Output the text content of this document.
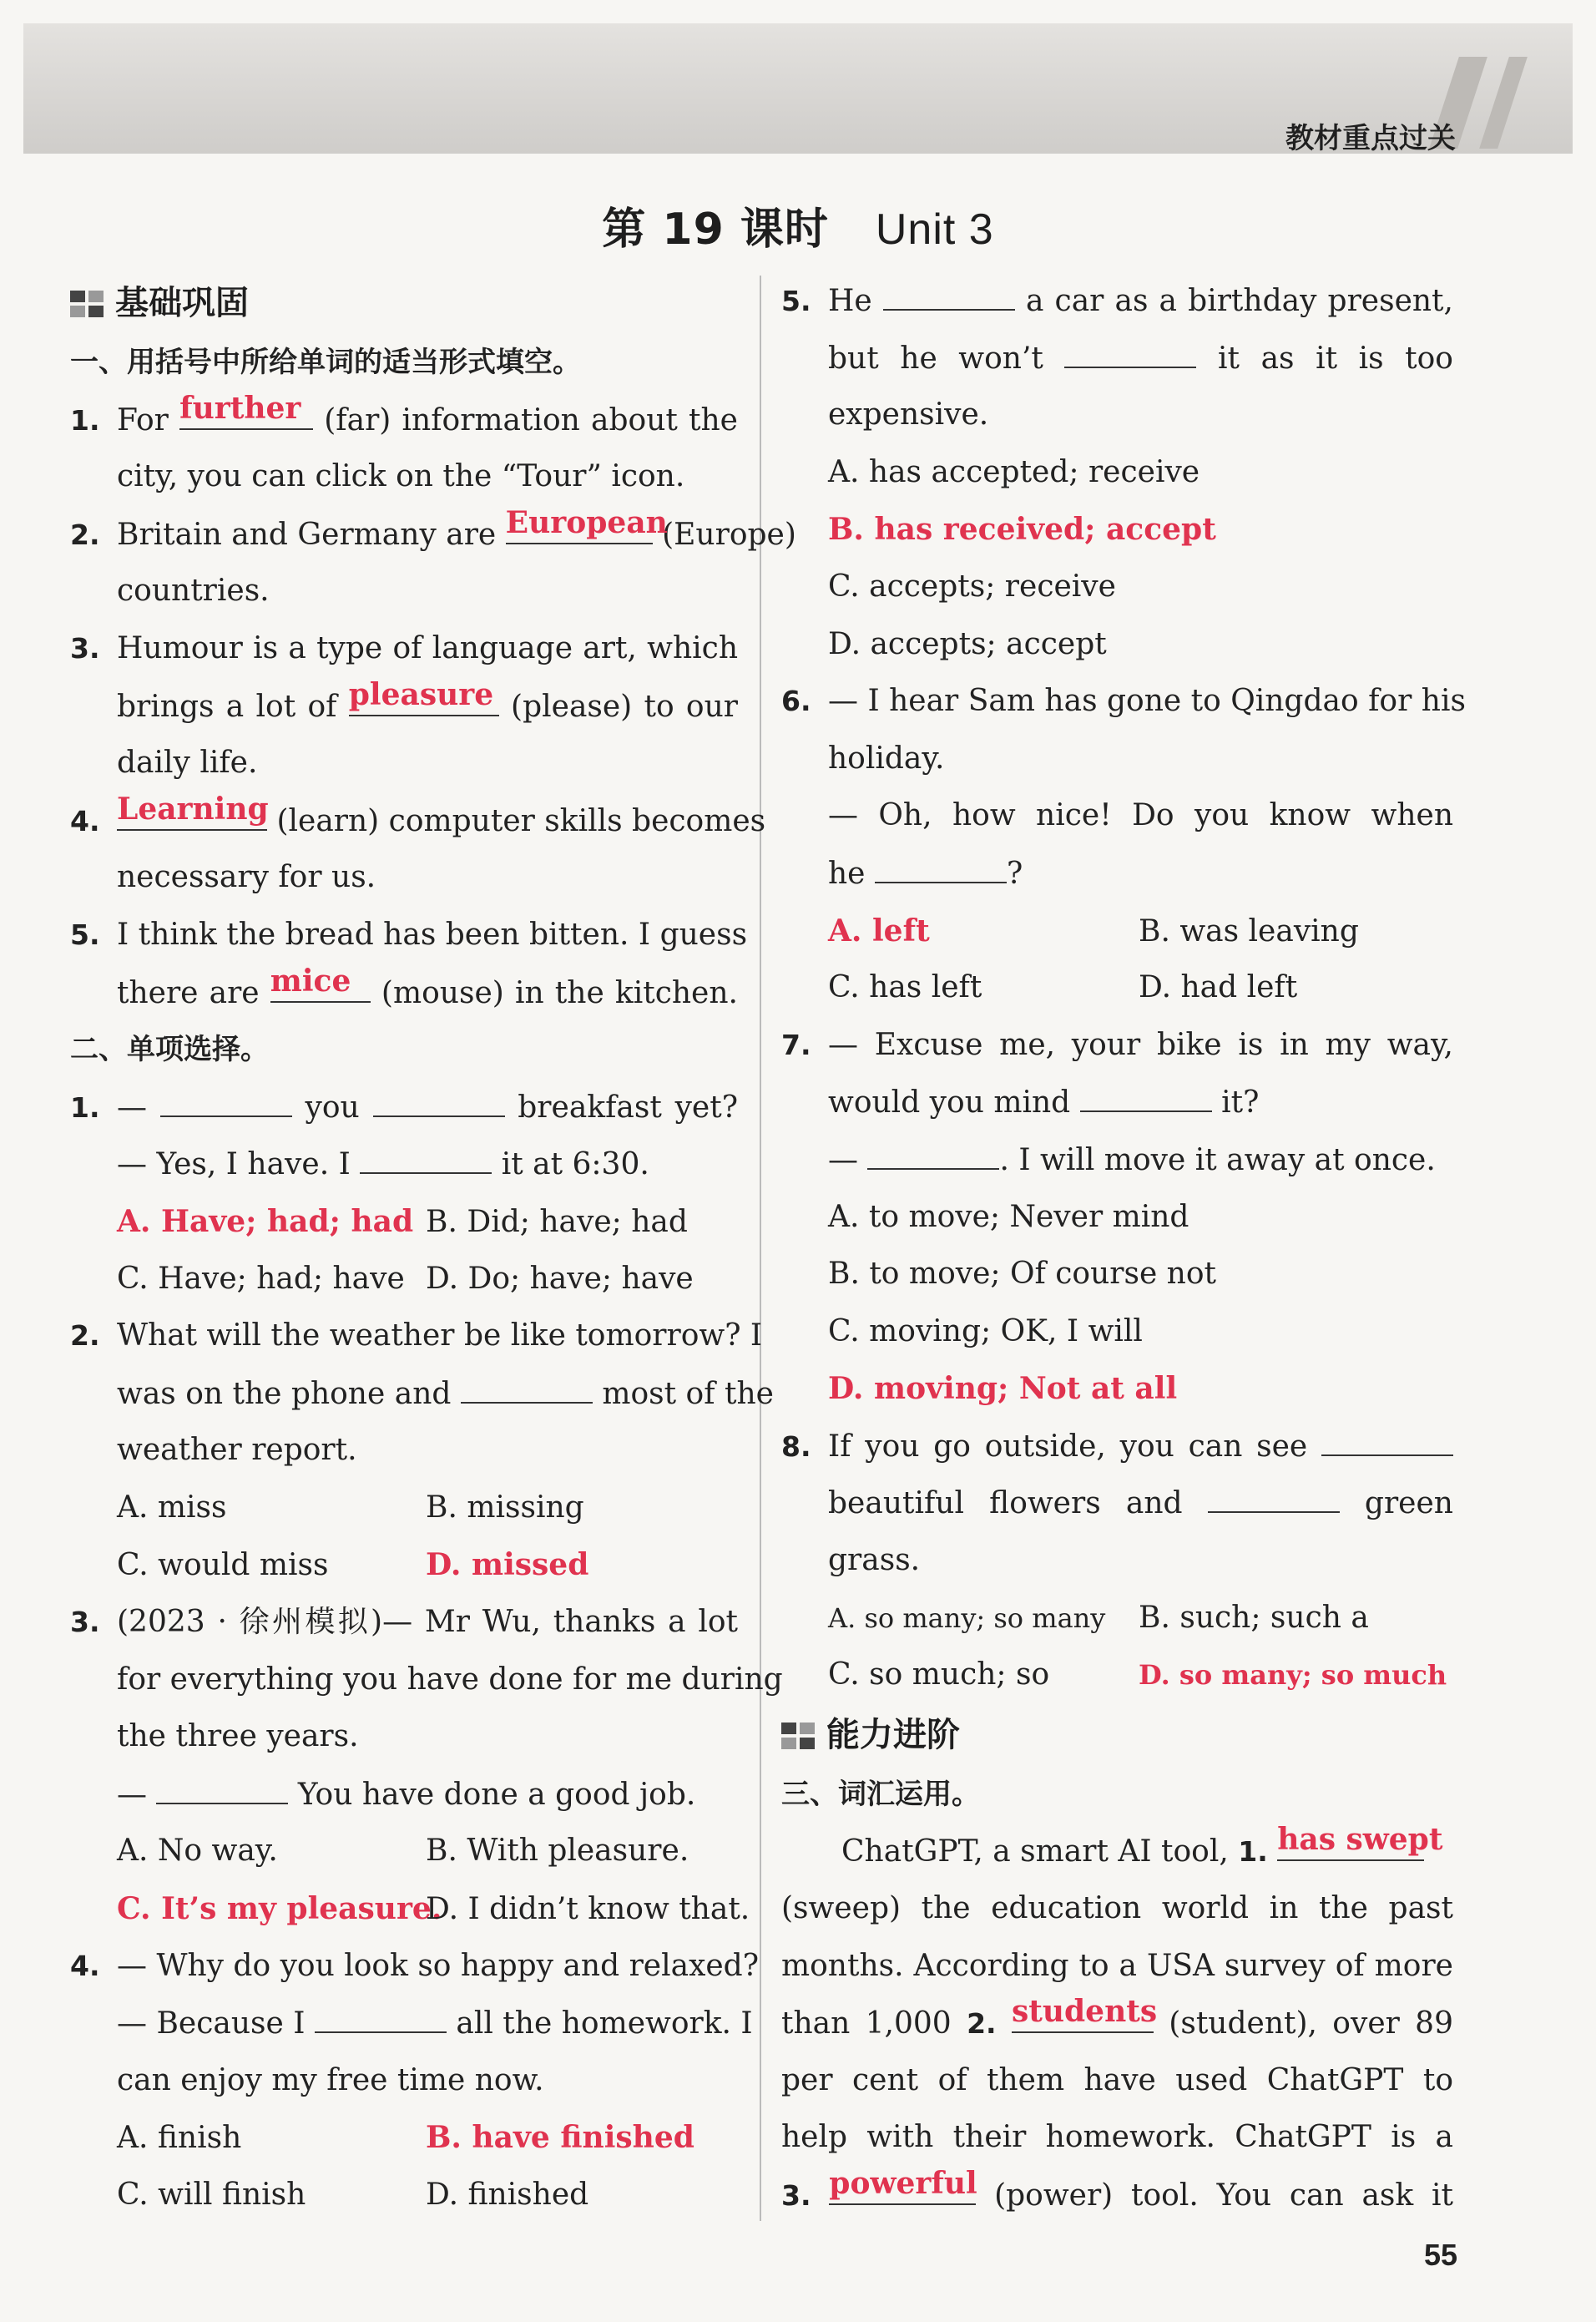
教材重点过关
第 19 课时 Unit 3
基础巩固
一、用括号中所给单词的适当形式填空。
1. For further (far) information about the
city, you can click on the “Tour” icon.
2. Britain and Germany are European
(Europe)
countries.
3. Humour is a type of language art, which
brings a lot of pleasure (please) to our
daily life.
4. Learning (learn) computer skills becomes
necessary for us.
5. I think the bread has been bitten. I guess
there are mice	(mouse) in the kitchen.
二、单项选择。
1. —	you	breakfast yet?
— Yes, I have. I	it at 6:30.
A. Have; had; had B. Did; have; had
C. Have; had; have D. Do; have; have
2. What will the weather be like tomorrow? I
was on the phone and	most of the
weather report.
A. miss	B. missing
C. would miss	D. missed
3. (2023 · 徐州模拟)— Mr Wu, thanks a lot
for everything you have done for me during
the three years.
—	You have done a good job.
A. No way.	B. With pleasure.
C. It’s my pleasure.D. I didn’t know that.
4. — Why do you look so happy and relaxed?
— Because I	all the homework. I
can enjoy my free time now.
A. finish	B. have finished
C. will finish	D. finished
5. He	a car as a birthday present,
but he won’t	it as it is too
expensive.
A. has accepted; receive
B. has received; accept
C. accepts; receive
D. accepts; accept
6. — I hear Sam has gone to Qingdao for his
holiday.
— Oh, how nice! Do you know when
he	?
A. left	B. was leaving
C. has left	D. had left
7. — Excuse me, your bike is in my way,
would you mind	it?
—	. I will move it away at once.
A. to move; Never mind
B. to move; Of course not
C. moving; OK, I will
D. moving; Not at all
8. If you go outside, you can see
beautiful flowers and	green
grass.
A. so many; so many B. such; such a
C. so much; so	D. so many; so much
能力进阶
三、词汇运用。
ChatGPT, a smart AI tool, 1. has swept
(sweep) the education world in the past
months. According to a USA survey of more
than 1,000 2. students (student), over 89
per cent of them have used ChatGPT to
help with their homework. ChatGPT is a
3. powerful (power) tool. You can ask it
55
